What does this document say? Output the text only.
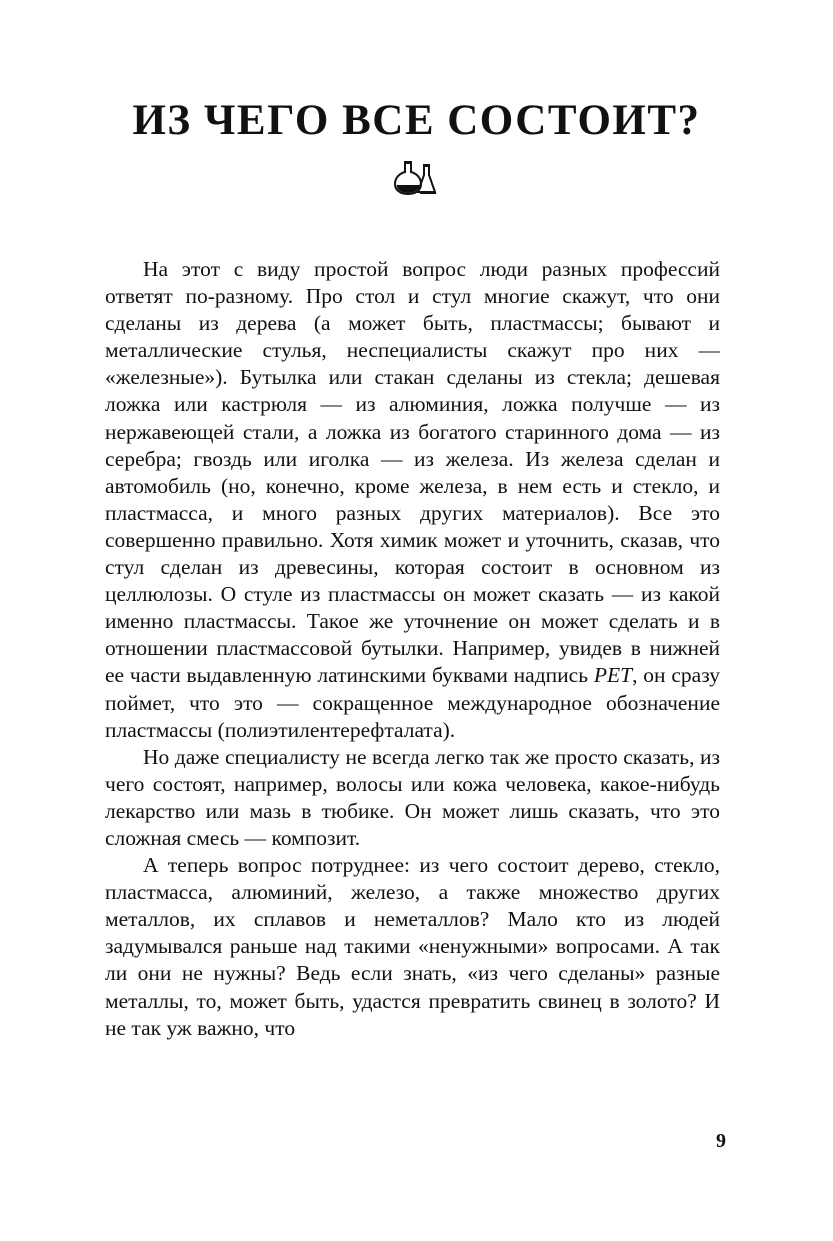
ИЗ ЧЕГО ВСЕ СОСТОИТ?

На этот с виду простой вопрос люди разных профессий ответят по-разному. Про стол и стул многие скажут, что они сделаны из дерева (а может быть, пластмассы; бывают и металлические стулья, неспециалисты скажут про них — «железные»). Бутылка или стакан сделаны из стекла; дешевая ложка или кастрюля — из алюминия, ложка получше — из нержавеющей стали, а ложка из богатого старинного дома — из серебра; гвоздь или иголка — из железа. Из железа сделан и автомобиль (но, конечно, кроме железа, в нем есть и стекло, и пластмасса, и много разных других материалов). Все это совершенно правильно. Хотя химик может и уточнить, сказав, что стул сделан из древесины, которая состоит в основном из целлюлозы. О стуле из пластмассы он может сказать — из какой именно пластмассы. Такое же уточнение он может сделать и в отношении пластмассовой бутылки. Например, увидев в нижней ее части выдавленную латинскими буквами надпись PET, он сразу поймет, что это — сокращенное международное обозначение пластмассы (полиэтилентерефталата).

Но даже специалисту не всегда легко так же просто сказать, из чего состоят, например, волосы или кожа человека, какое-нибудь лекарство или мазь в тюбике. Он может лишь сказать, что это сложная смесь — композит.

А теперь вопрос потруднее: из чего состоит дерево, стекло, пластмасса, алюминий, железо, а также множество других металлов, их сплавов и неметаллов? Мало кто из людей задумывался раньше над такими «ненужными» вопросами. А так ли они не нужны? Ведь если знать, «из чего сделаны» разные металлы, то, может быть, удастся превратить свинец в золото? И не так уж важно, что

9
